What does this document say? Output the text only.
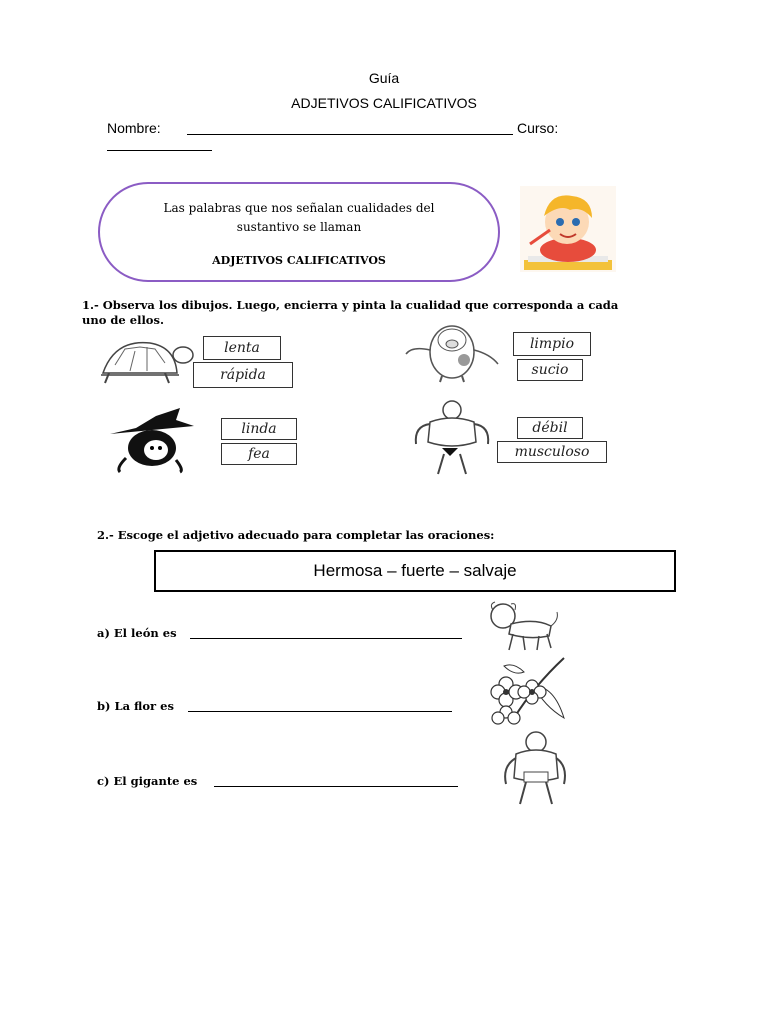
Guía
ADJETIVOS CALIFICATIVOS
Nombre:	Curso:
Las palabras que nos señalan cualidades del
sustantivo se llaman
ADJETIVOS CALIFICATIVOS
1.- Observa los dibujos. Luego, encierra y pinta la cualidad que corresponda a cada
uno de ellos.
lenta
rápida
limpio
sucio
linda
fea
débil
musculoso
2.- Escoge el adjetivo adecuado para completar las oraciones:
Hermosa – fuerte – salvaje
a) El león es
b) La flor es
c) El gigante es
